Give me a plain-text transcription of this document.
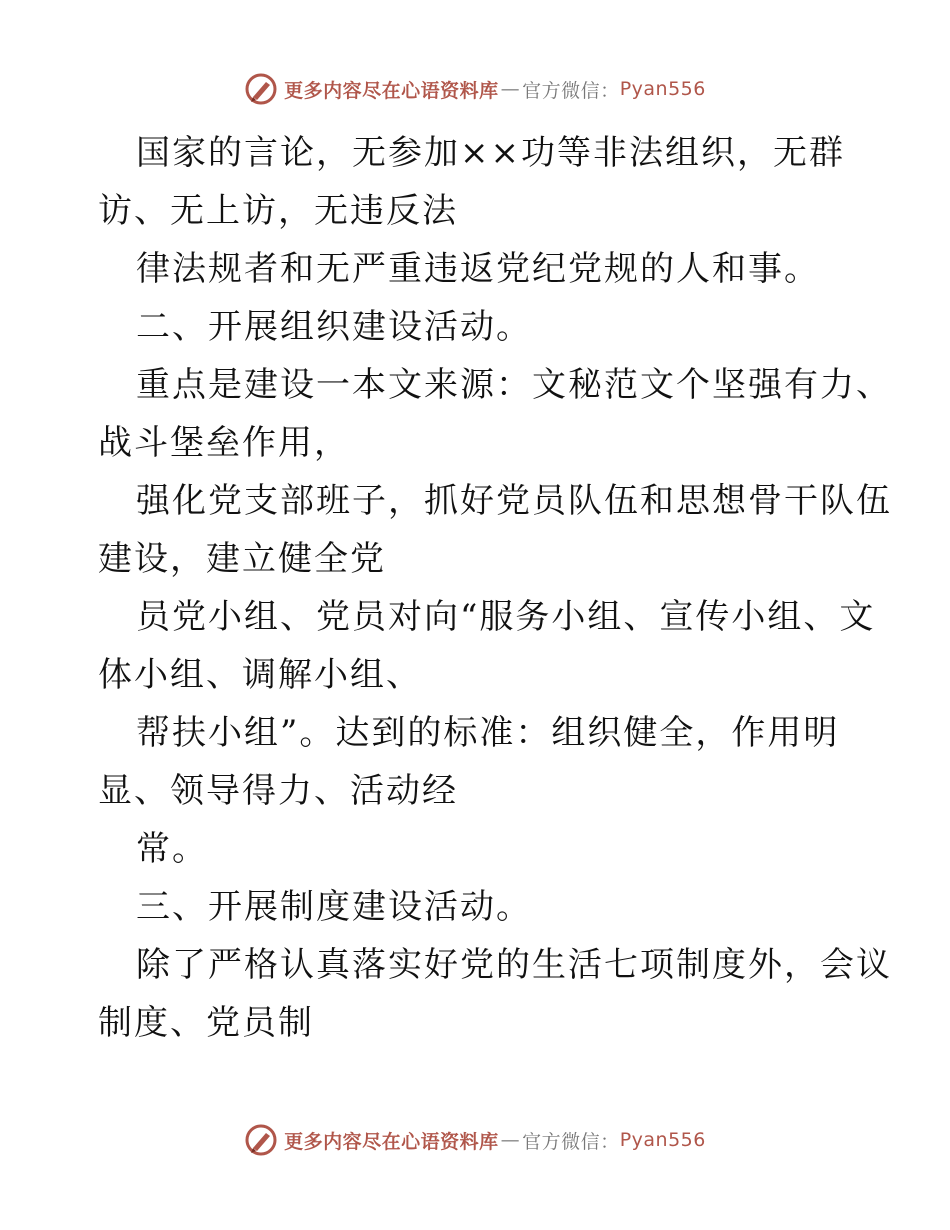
更多内容尽在心语资料库 — 官方微信： Pyan556
国家的言论，无参加××功等非法组织，无群
访、无上访，无违反法
律法规者和无严重违返党纪党规的人和事。
二、开展组织建设活动。
重点是建设一本文来源：文秘范文个坚强有力、
战斗堡垒作用，
强化党支部班子，抓好党员队伍和思想骨干队伍
建设，建立健全党
员党小组、党员对向“服务小组、宣传小组、文
体小组、调解小组、
帮扶小组”。达到的标准：组织健全，作用明
显、领导得力、活动经
常。
三、开展制度建设活动。
除了严格认真落实好党的生活七项制度外，会议
制度、党员制
更多内容尽在心语资料库 — 官方微信： Pyan556
